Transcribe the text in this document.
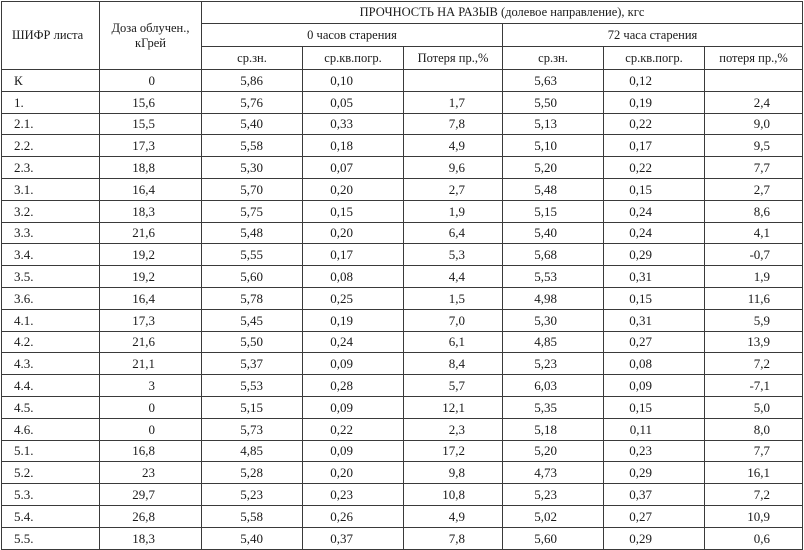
ШИФР листа	Доза облучен., кГрей	ПРОЧНОСТЬ НА РАЗЫВ (долевое направление), кгс					
		0 часов старения			72 часа старения		
		ср.зн.	ср.кв.погр.	Потеря пр.,%	ср.зн.	ср.кв.погр.	потеря пр.,%
К	0	5,86	0,10		5,63	0,12	
1.	15,6	5,76	0,05	1,7	5,50	0,19	2,4
2.1.	15,5	5,40	0,33	7,8	5,13	0,22	9,0
2.2.	17,3	5,58	0,18	4,9	5,10	0,17	9,5
2.3.	18,8	5,30	0,07	9,6	5,20	0,22	7,7
3.1.	16,4	5,70	0,20	2,7	5,48	0,15	2,7
3.2.	18,3	5,75	0,15	1,9	5,15	0,24	8,6
3.3.	21,6	5,48	0,20	6,4	5,40	0,24	4,1
3.4.	19,2	5,55	0,17	5,3	5,68	0,29	-0,7
3.5.	19,2	5,60	0,08	4,4	5,53	0,31	1,9
3.6.	16,4	5,78	0,25	1,5	4,98	0,15	11,6
4.1.	17,3	5,45	0,19	7,0	5,30	0,31	5,9
4.2.	21,6	5,50	0,24	6,1	4,85	0,27	13,9
4.3.	21,1	5,37	0,09	8,4	5,23	0,08	7,2
4.4.	3	5,53	0,28	5,7	6,03	0,09	-7,1
4.5.	0	5,15	0,09	12,1	5,35	0,15	5,0
4.6.	0	5,73	0,22	2,3	5,18	0,11	8,0
5.1.	16,8	4,85	0,09	17,2	5,20	0,23	7,7
5.2.	23	5,28	0,20	9,8	4,73	0,29	16,1
5.3.	29,7	5,23	0,23	10,8	5,23	0,37	7,2
5.4.	26,8	5,58	0,26	4,9	5,02	0,27	10,9
5.5.	18,3	5,40	0,37	7,8	5,60	0,29	0,6
